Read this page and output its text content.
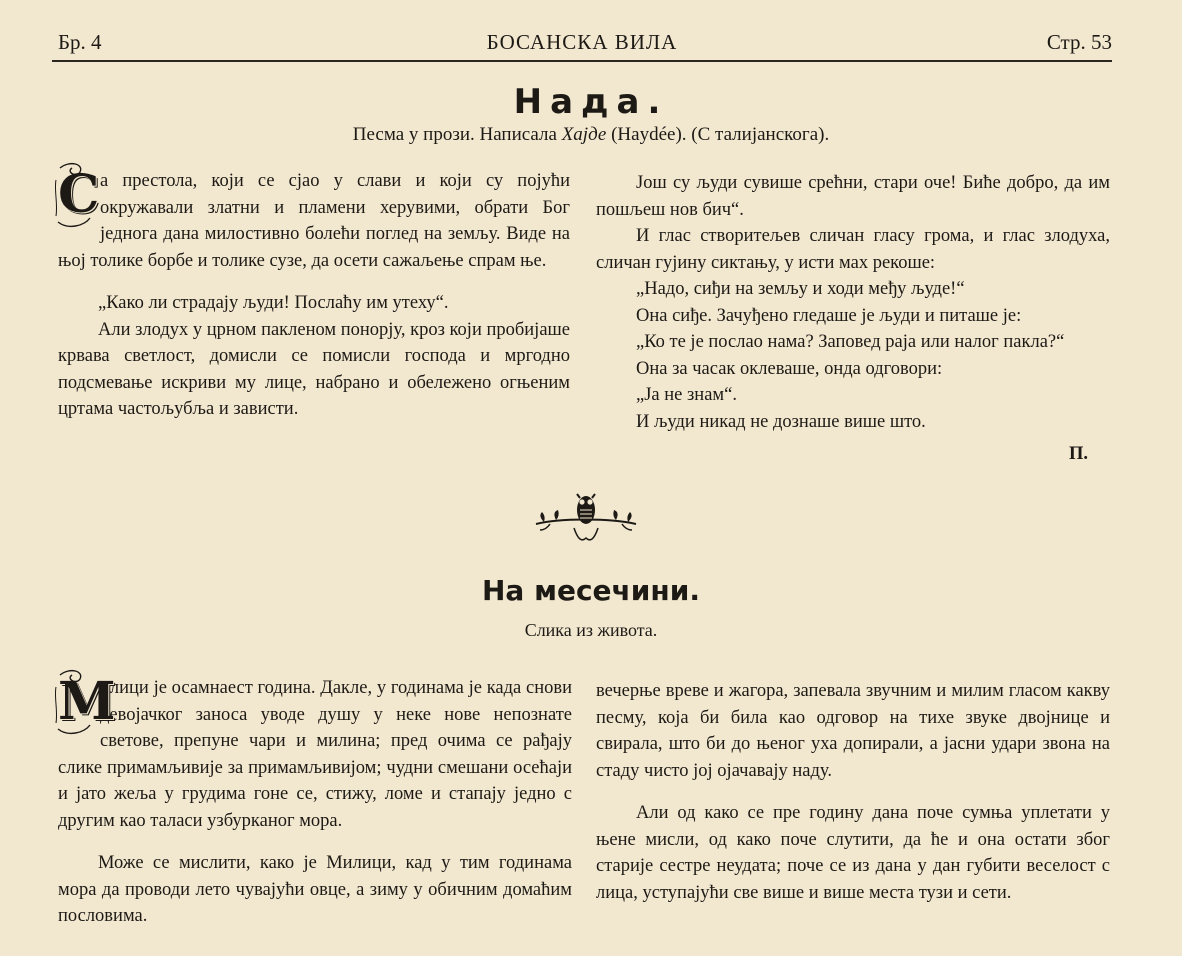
Бр. 4	БОСАНСКА ВИЛА	Стр. 53
Нада.
Песма у прози. Написала Хајде (Haydée). (С талијанскога).

Са престола, који се сјао у слави и који су појући окружавали златни и пламени херувими, обрати Бог једнога дана милостивно болећи поглед на земљу. Виде на њој толике борбе и толике сузе, да осети сажаљење спрам ње.

„Како ли страдају људи! Послаћу им утеху“.

Али злодух у црном пакленом понорју, кроз који пробијаше крвава светлост, домисли се помисли господа и мргодно подсмевање искриви му лице, набрано и обележено огњеним цртама частољубља и зависти.

Још су људи сувише срећни, стари оче! Биће добро, да им пошљеш нов бич“.

И глас створитељев сличан гласу грома, и глас злодуха, сличан гујину сиктању, у исти мах рекоше:

„Надо, сиђи на земљу и ходи међу људе!“

Она сиђе. Зачуђено гледаше је људи и питаше је:

„Ко те је послао нама? Заповед раја или налог пакла?“

Она за часак оклеваше, онда одговори:

„Ја не знам“.

И људи никад не дознаше више што.

П.

На месечини.
Слика из живота.

М
илици је осамнаест година. Дакле, у годинама је када снови девојачког заноса уводе душу у неке нове непознате светове, препуне чари и милина; пред очима се рађају слике примамљивије за примамљивијом; чудни смешани осећаји и јато жеља у грудима гоне се, стижу, ломе и стапају једно с другим као таласи узбурканог мора.

Може се мислити, како је Милици, кад у тим годинама мора да проводи лето чувајући овце, а зиму у обичним домаћим пословима.

вечерње вреве и жагора, запевала звучним и милим гласом какву песму, која би била као одговор на тихе звуке двојнице и свирала, што би до њеног уха допирали, а јасни удари звона на стаду чисто јој ојачавају наду.

Али од како се пре годину дана поче сумња уплетати у њене мисли, од како поче слутити, да ће и она остати због старије сестре неудата; поче се из дана у дан губити веселост с лица, уступајући све више и више места тузи и сети.
